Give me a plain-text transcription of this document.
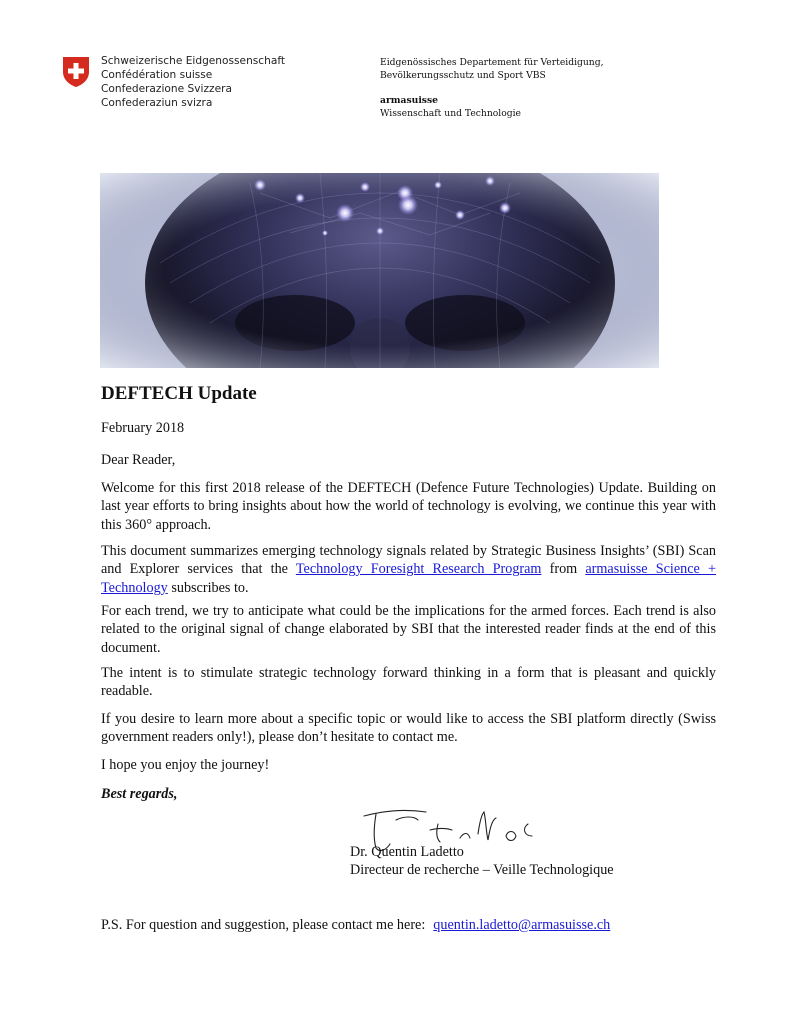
Schweizerische Eidgenossenschaft
Confédération suisse
Confederazione Svizzera
Confederaziun svizra
Eidgenössisches Departement für Verteidigung,
Bevölkerungsschutz und Sport VBS
armasuisse
Wissenschaft und Technologie
DEFTECH Update

February 2018

Dear Reader,

Welcome for this first 2018 release of the DEFTECH (Defence Future Technologies) Update. Building on last year efforts to bring insights about how the world of technology is evolving, we continue this year with this 360° approach.

This document summarizes emerging technology signals related by Strategic Business Insights’ (SBI) Scan and Explorer services that the Technology Foresight Research Program from armasuisse Science + Technology subscribes to.

For each trend, we try to anticipate what could be the implications for the armed forces. Each trend is also related to the original signal of change elaborated by SBI that the interested reader finds at the end of this document.

The intent is to stimulate strategic technology forward thinking in a form that is pleasant and quickly readable.

If you desire to learn more about a specific topic or would like to access the SBI platform directly (Swiss government readers only!), please don’t hesitate to contact me.

I hope you enjoy the journey!

Best regards,
Dr. Quentin Ladetto
Directeur de recherche – Veille Technologique
P.S. For question and suggestion, please contact me here: quentin.ladetto@armasuisse.ch
